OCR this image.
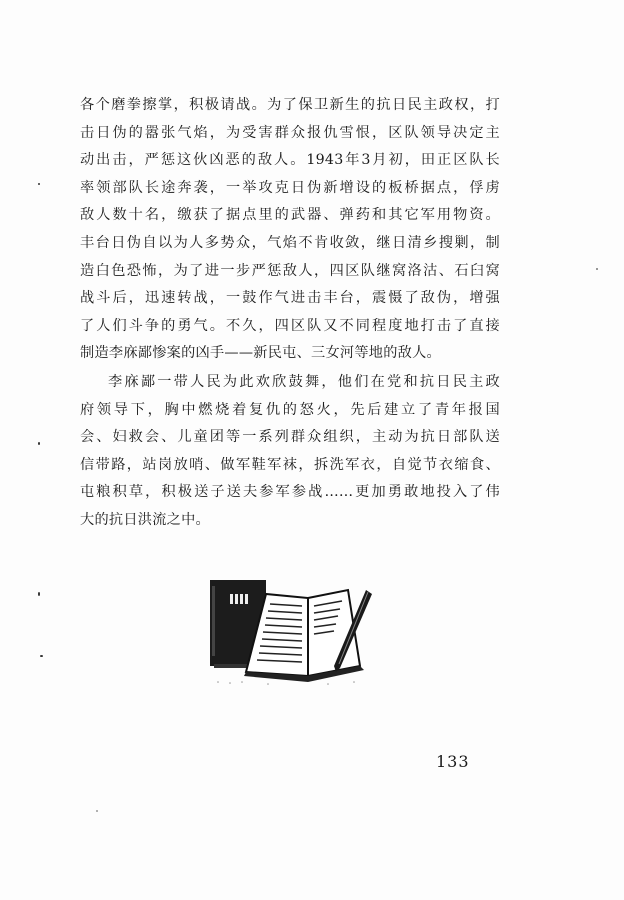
各个磨拳擦掌，积极请战。为了保卫新生的抗日民主政权，打
击日伪的嚣张气焰，为受害群众报仇雪恨，区队领导决定主
动出击，严惩这伙凶恶的敌人。1943年3月初，田正区队长
率领部队长途奔袭，一举攻克日伪新增设的板桥据点，俘虏
敌人数十名，缴获了据点里的武器、弹药和其它军用物资。
丰台日伪自以为人多势众，气焰不肯收敛，继日清乡搜剿，制
造白色恐怖，为了进一步严惩敌人，四区队继窝洛沽、石臼窝
战斗后，迅速转战，一鼓作气进击丰台，震慑了敌伪，增强
了人们斗争的勇气。不久，四区队又不同程度地打击了直接
制造李庥鄙惨案的凶手——新民屯、三女河等地的敌人。
李庥鄙一带人民为此欢欣鼓舞，他们在党和抗日民主政
府领导下，胸中燃烧着复仇的怒火，先后建立了青年报国
会、妇救会、儿童团等一系列群众组织，主动为抗日部队送
信带路，站岗放哨、做军鞋军袜，拆洗军衣，自觉节衣缩食、
屯粮积草，积极送子送夫参军参战……更加勇敢地投入了伟
大的抗日洪流之中。
133
